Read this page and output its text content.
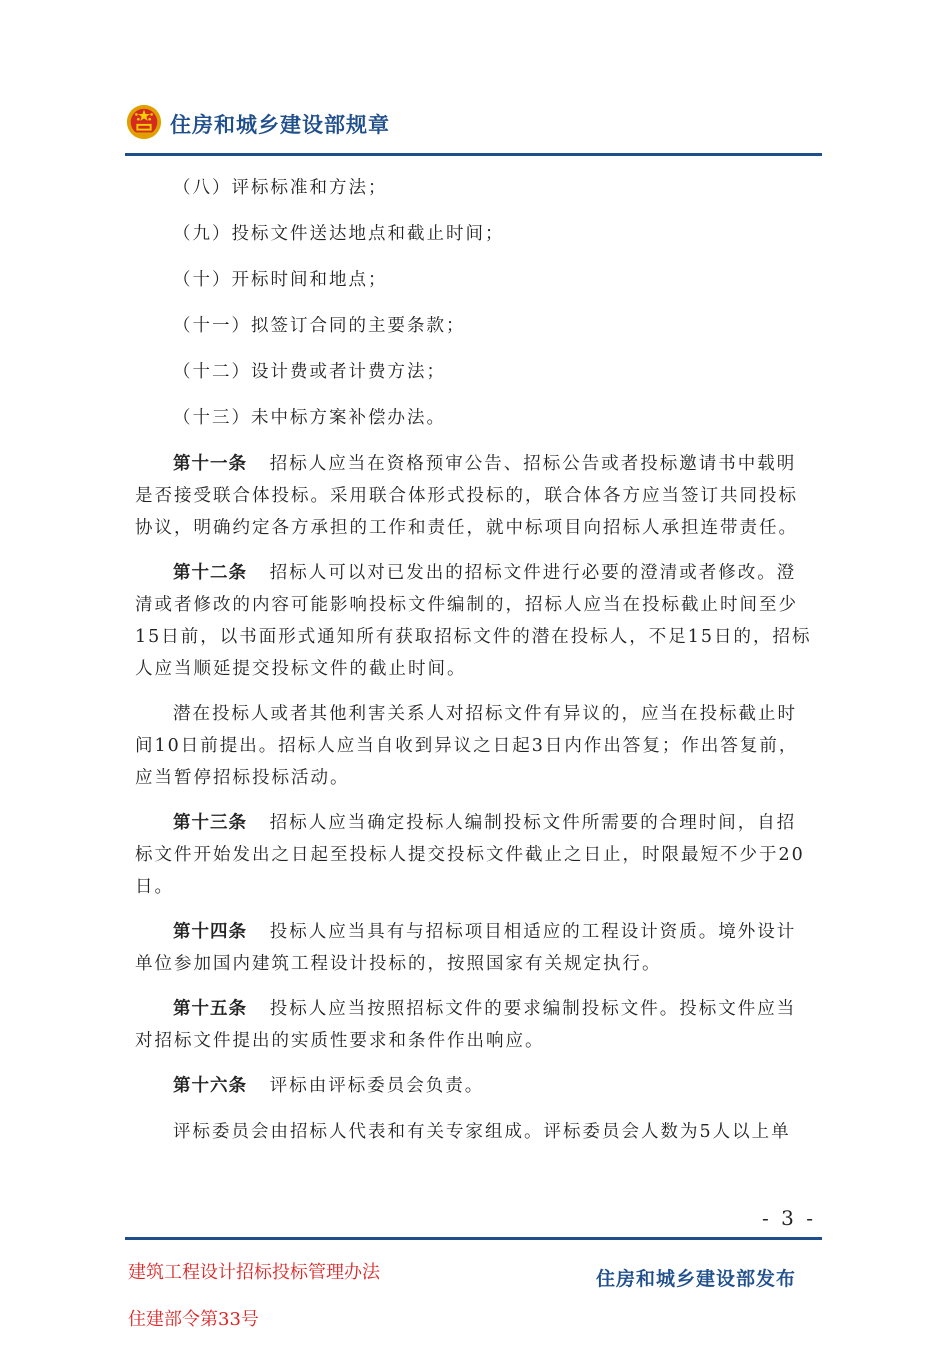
住房和城乡建设部规章
（八）评标标准和方法；
（九）投标文件送达地点和截止时间；
（十）开标时间和地点；
（十一）拟签订合同的主要条款；
（十二）设计费或者计费方法；
（十三）未中标方案补偿办法。
第十一条 招标人应当在资格预审公告、招标公告或者投标邀请书中载明
是否接受联合体投标。采用联合体形式投标的，联合体各方应当签订共同投标
协议，明确约定各方承担的工作和责任，就中标项目向招标人承担连带责任。
第十二条 招标人可以对已发出的招标文件进行必要的澄清或者修改。澄
清或者修改的内容可能影响投标文件编制的，招标人应当在投标截止时间至少
15日前，以书面形式通知所有获取招标文件的潜在投标人，不足15日的，招标
人应当顺延提交投标文件的截止时间。
潜在投标人或者其他利害关系人对招标文件有异议的，应当在投标截止时
间10日前提出。招标人应当自收到异议之日起3日内作出答复；作出答复前，
应当暂停招标投标活动。
第十三条 招标人应当确定投标人编制投标文件所需要的合理时间，自招
标文件开始发出之日起至投标人提交投标文件截止之日止，时限最短不少于20
日。
第十四条 投标人应当具有与招标项目相适应的工程设计资质。境外设计
单位参加国内建筑工程设计投标的，按照国家有关规定执行。
第十五条 投标人应当按照招标文件的要求编制投标文件。投标文件应当
对招标文件提出的实质性要求和条件作出响应。
第十六条 评标由评标委员会负责。
评标委员会由招标人代表和有关专家组成。评标委员会人数为5人以上单
- 3 -
建筑工程设计招标投标管理办法
住建部令第33号
住房和城乡建设部发布
